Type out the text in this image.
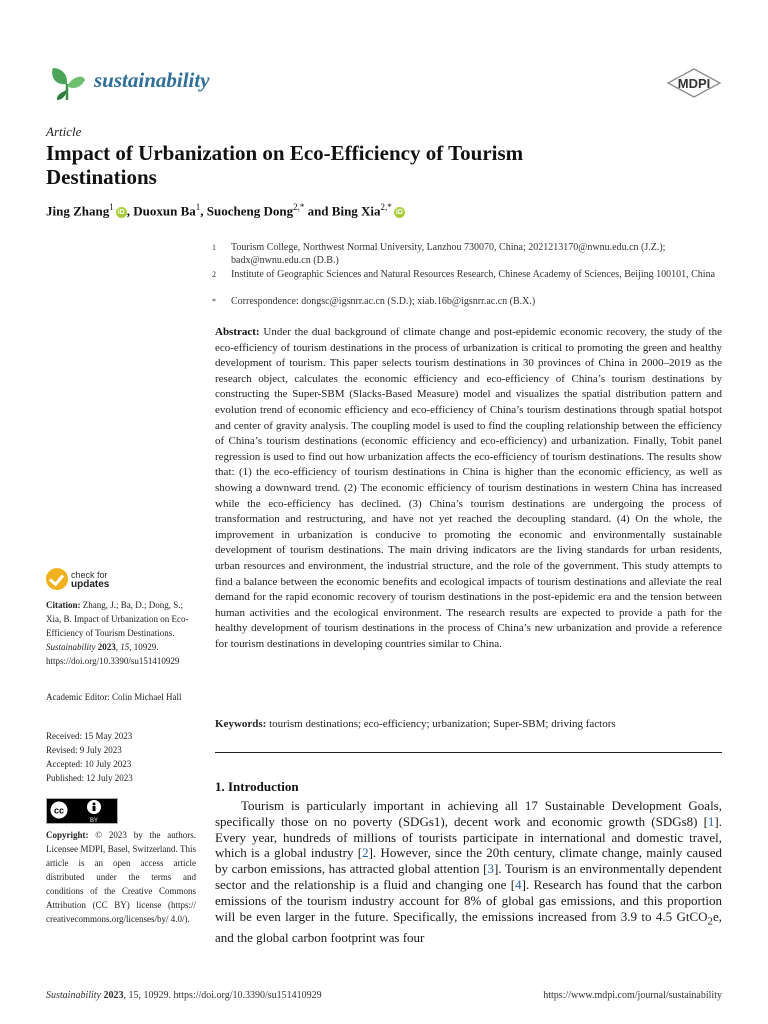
sustainability	MDPI
Article
Impact of Urbanization on Eco-Efficiency of Tourism Destinations
Jing Zhang$^1$iD , Duoxun Ba$^1$, Suocheng Dong$^{2,*}$ and Bing Xia$^{2,*}$iD
1 Tourism College, Northwest Normal University, Lanzhou 730070, China; 2021213170@nwnu.edu.cn (J.Z.); badx@nwnu.edu.cn (D.B.)
2 Institute of Geographic Sciences and Natural Resources Research, Chinese Academy of Sciences, Beijing 100101, China
* Correspondence: dongsc@igsnrr.ac.cn (S.D.); xiab.16b@igsnrr.ac.cn (B.X.)
Abstract: Under the dual background of climate change and post-epidemic economic recovery, the study of the eco-efficiency of tourism destinations in the process of urbanization is critical to promoting the green and healthy development of tourism. This paper selects tourism destinations in 30 provinces of China in 2000–2019 as the research object, calculates the economic efficiency and eco-efficiency of China’s tourism destinations by constructing the Super-SBM (Slacks-Based Measure) model and visualizes the spatial distribution pattern and evolution trend of economic efficiency and eco-efficiency of China’s tourism destinations through spatial hotspot and center of gravity analysis. The coupling model is used to find the coupling relationship between the efficiency of China’s tourism destinations (economic efficiency and eco-efficiency) and urbanization. Finally, Tobit panel regression is used to find out how urbanization affects the eco-efficiency of tourism destinations. The results show that: (1) the eco-efficiency of tourism destinations in China is higher than the economic efficiency, as well as showing a downward trend. (2) The economic efficiency of tourism destinations in western China has increased while the eco-efficiency has declined. (3) China’s tourism destinations are undergoing the process of transformation and restructuring, and have not yet reached the decoupling standard. (4) On the whole, the improvement in urbanization is conducive to promoting the economic and environmentally sustainable development of tourism destinations. The main driving indicators are the living standards for urban residents, urban resources and environment, the industrial structure, and the role of the government. This study attempts to find a balance between the economic benefits and ecological impacts of tourism destinations and alleviate the real demand for the rapid economic recovery of tourism destinations in the post-epidemic era and the tension between human activities and the ecological environment. The research results are expected to provide a path for the healthy development of tourism destinations in the process of China’s new urbanization and provide a reference for tourism destinations in developing countries similar to China.
Keywords: tourism destinations; eco-efficiency; urbanization; Super-SBM; driving factors
check for
updates
Citation: Zhang, J.; Ba, D.; Dong, S.; Xia, B. Impact of Urbanization on Eco-Efficiency of Tourism Destinations. Sustainability 2023, 15, 10929. https://doi.org/10.3390/su151410929
Academic Editor: Colin Michael Hall
Received: 15 May 2023
Revised: 9 July 2023
Accepted: 10 July 2023
Published: 12 July 2023
cc
BY
Copyright: © 2023 by the authors. Licensee MDPI, Basel, Switzerland. This article is an open access article distributed under the terms and conditions of the Creative Commons Attribution (CC BY) license (https:// creativecommons.org/licenses/by/ 4.0/).
1. Introduction
Tourism is particularly important in achieving all 17 Sustainable Development Goals, specifically those on no poverty (SDGs1), decent work and economic growth (SDGs8) [1]. Every year, hundreds of millions of tourists participate in international and domestic travel, which is a global industry [2]. However, since the 20th century, climate change, mainly caused by carbon emissions, has attracted global attention [3]. Tourism is an environmentally dependent sector and the relationship is a fluid and changing one [4]. Research has found that the carbon emissions of the tourism industry account for 8% of global gas emissions, and this proportion will be even larger in the future. Specifically, the emissions increased from 3.9 to 4.5 GtCO$_2$e, and the global carbon footprint was four
Sustainability 2023, 15, 10929. https://doi.org/10.3390/su151410929	https://www.mdpi.com/journal/sustainability
